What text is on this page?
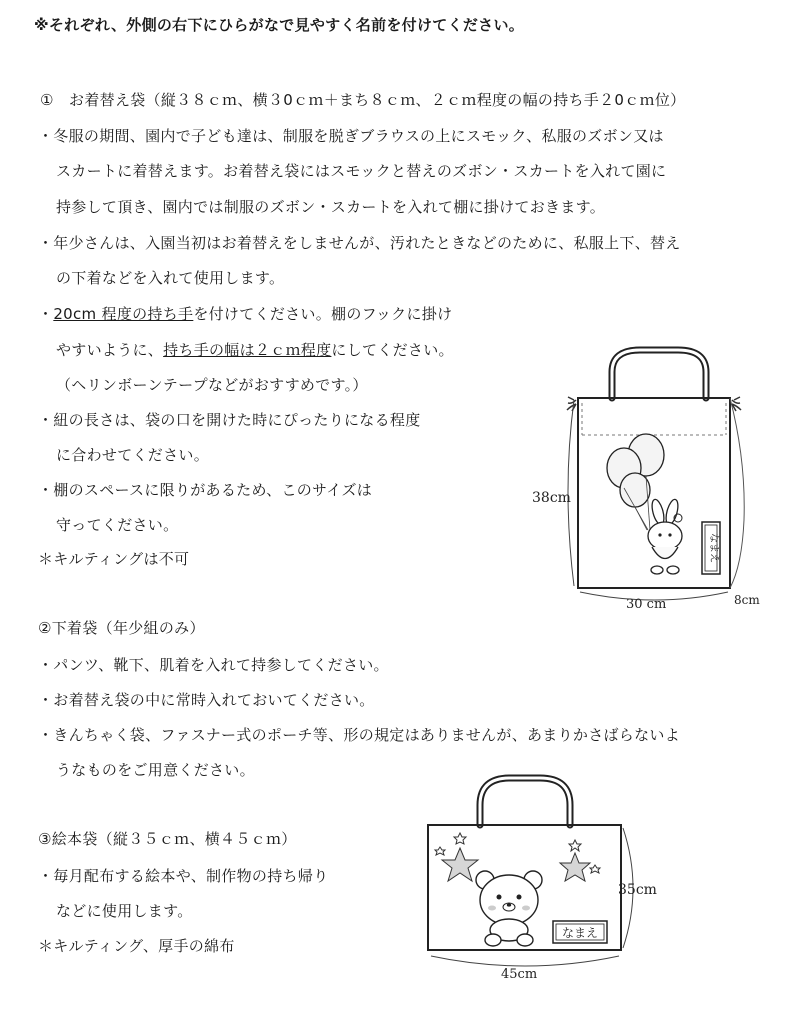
※それぞれ、外側の右下にひらがなで見やすく名前を付けてください。
①　お着替え袋（縦３８ｃｍ、横３0ｃｍ＋まち８ｃｍ、２ｃｍ程度の幅の持ち手２0ｃｍ位）
・冬服の期間、園内で子ども達は、制服を脱ぎブラウスの上にスモック、私服のズボン又は
スカートに着替えます。お着替え袋にはスモックと替えのズボン・スカートを入れて園に
持参して頂き、園内では制服のズボン・スカートを入れて棚に掛けておきます。
・年少さんは、入園当初はお着替えをしませんが、汚れたときなどのために、私服上下、替え
の下着などを入れて使用します。
・20cm 程度の持ち手を付けてください。棚のフックに掛け
やすいように、持ち手の幅は２ｃｍ程度にしてください。
（ヘリンボーンテープなどがおすすめです。）
・紐の長さは、袋の口を開けた時にぴったりになる程度
に合わせてください。
・棚のスペースに限りがあるため、このサイズは
守ってください。
＊キルティングは不可
②下着袋（年少組のみ）
・パンツ、靴下、肌着を入れて持参してください。
・お着替え袋の中に常時入れておいてください。
・きんちゃく袋、ファスナー式のポーチ等、形の規定はありませんが、あまりかさばらないよ
うなものをご用意ください。
③絵本袋（縦３５ｃｍ、横４５ｃｍ）
・毎月配布する絵本や、制作物の持ち帰り
などに使用します。
＊キルティング、厚手の綿布
なまえ
38cm
30 cm	8cm
なまえ
35cm
45cm
